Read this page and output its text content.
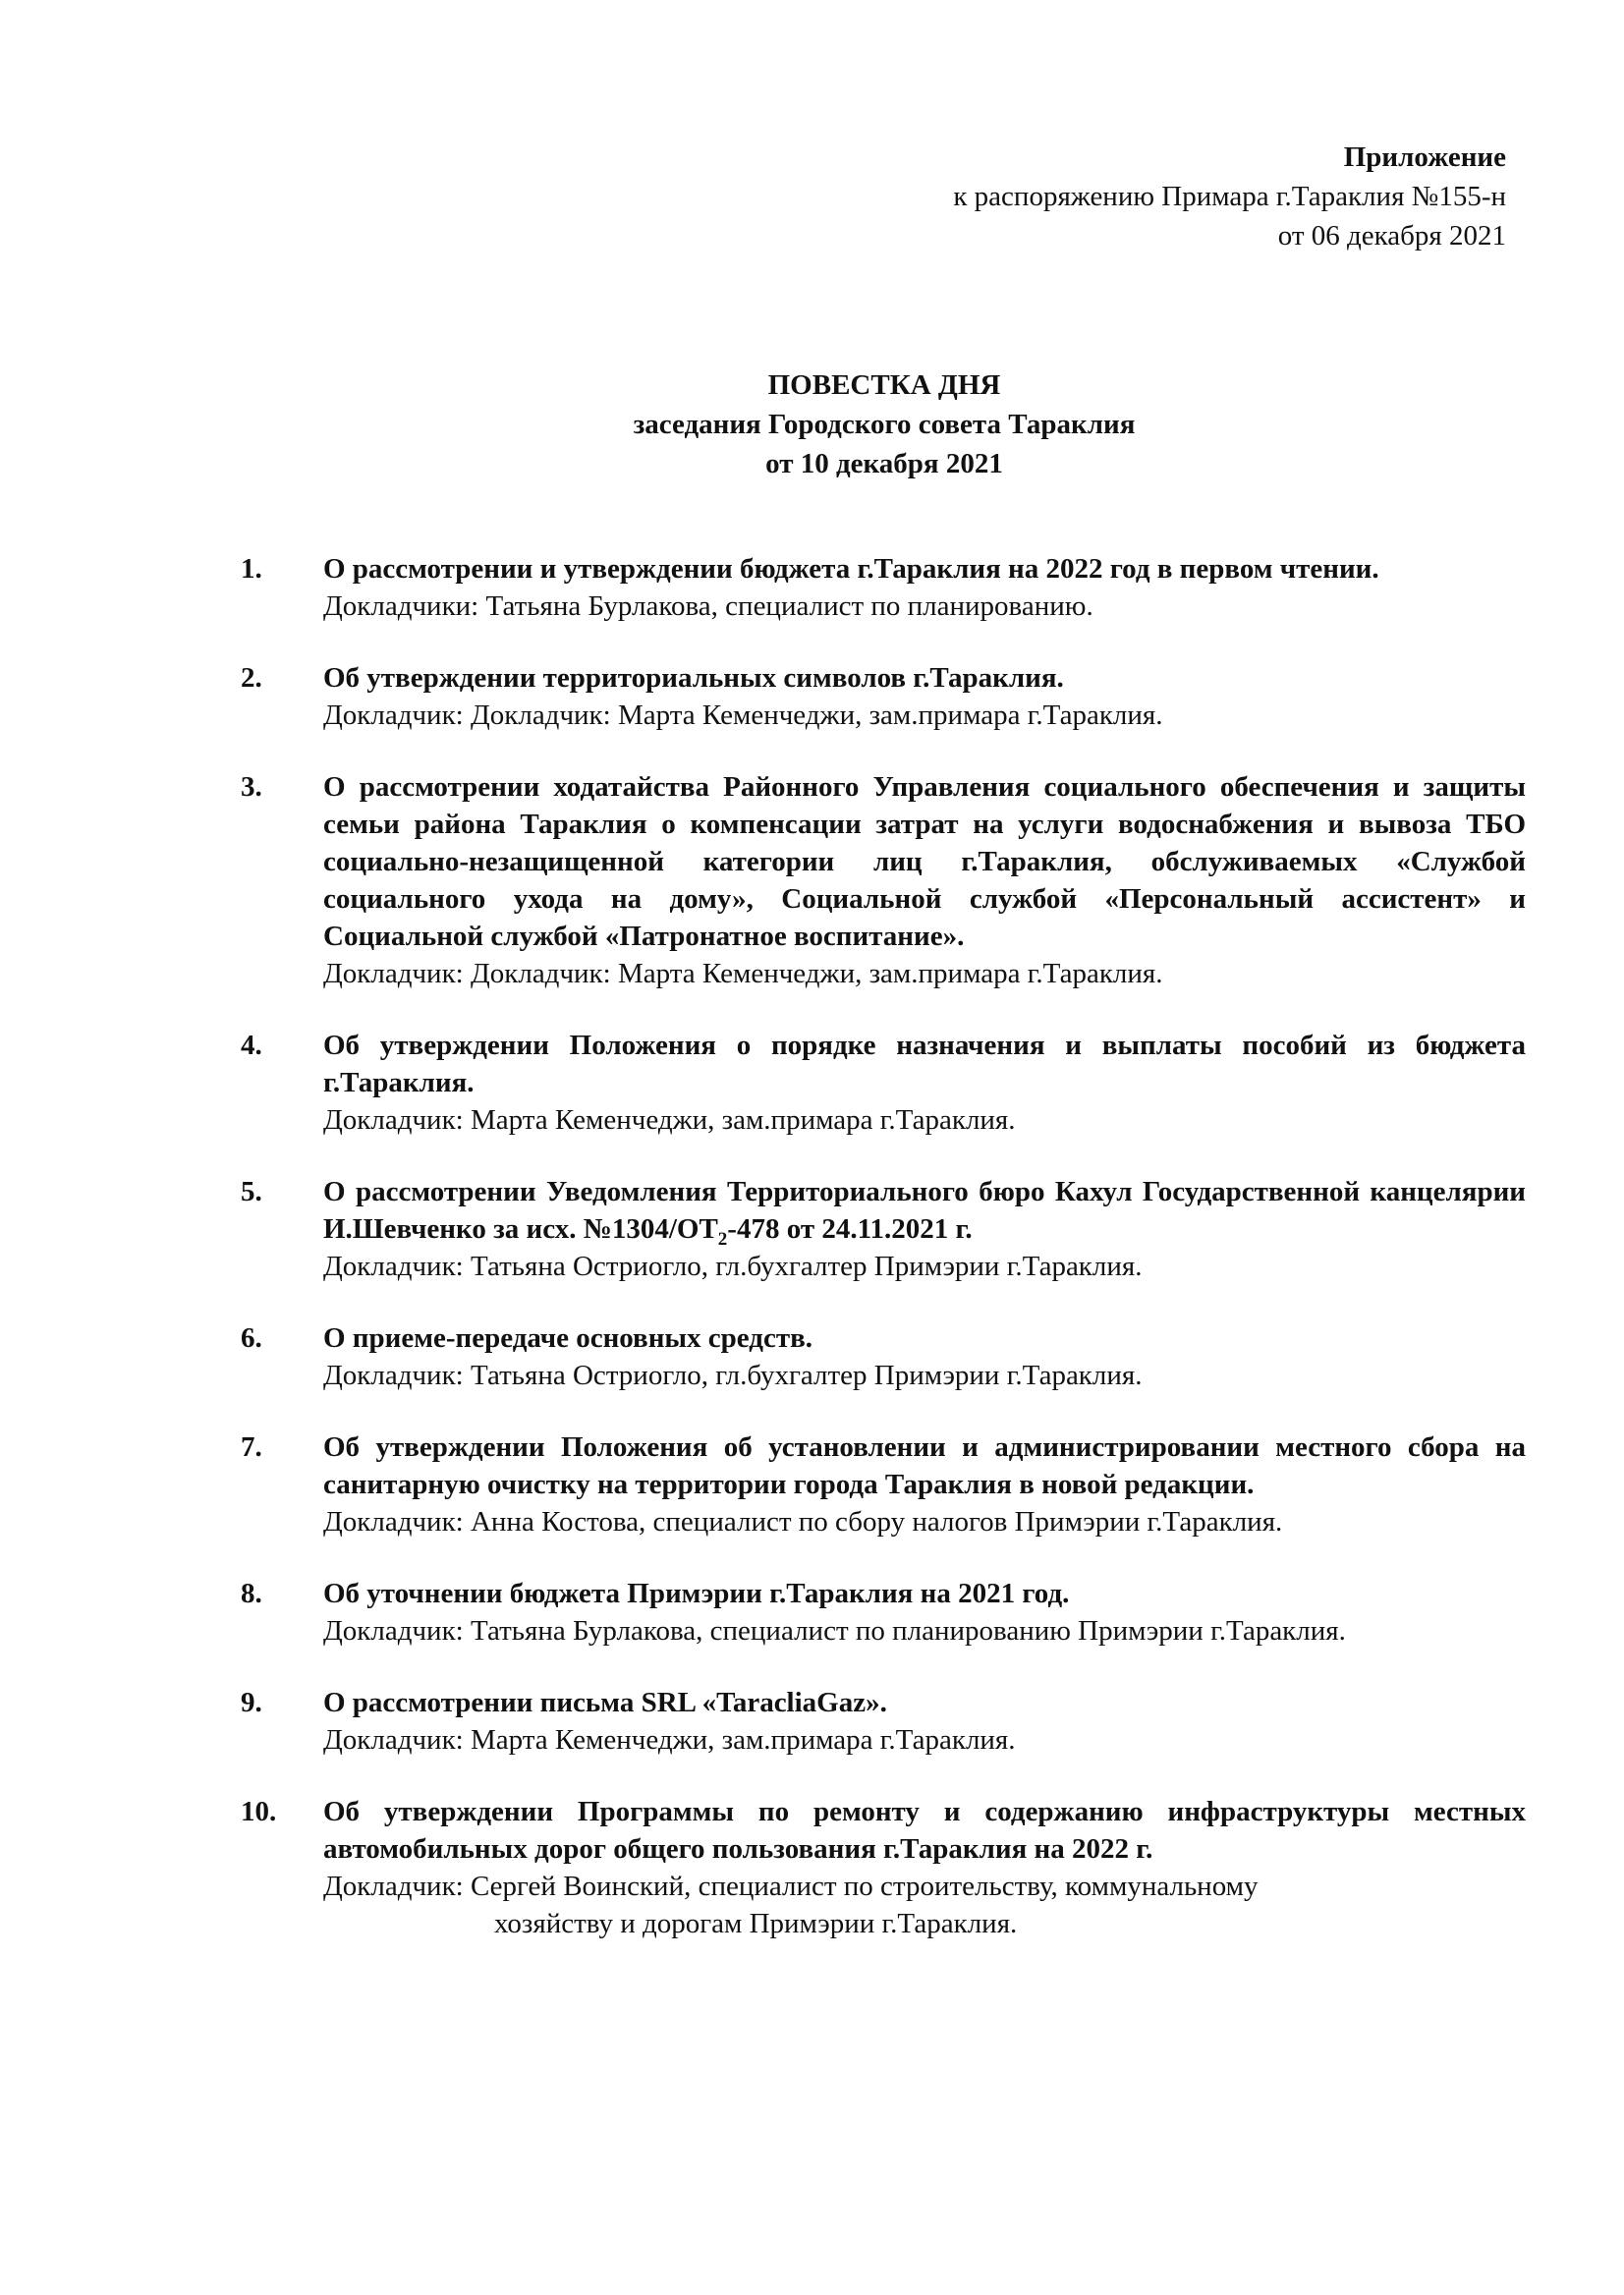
Приложение
к распоряжению Примара г.Тараклия №155-н
от 06 декабря 2021
ПОВЕСТКА ДНЯ
заседания Городского совета Тараклия
от 10 декабря 2021
1. О рассмотрении и утверждении бюджета г.Тараклия на 2022 год в первом чтении.
Докладчики: Татьяна Бурлакова, специалист по планированию.
2. Об утверждении территориальных символов г.Тараклия.
Докладчик: Докладчик: Марта Кеменчеджи, зам.примара г.Тараклия.
3. О рассмотрении ходатайства Районного Управления социального обеспечения и защиты семьи района Тараклия о компенсации затрат на услуги водоснабжения и вывоза ТБО социально-незащищенной категории лиц г.Тараклия, обслуживаемых «Службой социального ухода на дому», Социальной службой «Персональный ассистент» и Социальной службой «Патронатное воспитание».
Докладчик: Докладчик: Марта Кеменчеджи, зам.примара г.Тараклия.
4. Об утверждении Положения о порядке назначения и выплаты пособий из бюджета г.Тараклия.
Докладчик: Марта Кеменчеджи, зам.примара г.Тараклия.
5. О рассмотрении Уведомления Территориального бюро Кахул Государственной канцелярии И.Шевченко за исх. $№1304/ОТ_2-478$ от 24.11.2021 г.
Докладчик: Татьяна Остриогло, гл.бухгалтер Примэрии г.Тараклия.
6. О приеме-передаче основных средств.
Докладчик: Татьяна Остриогло, гл.бухгалтер Примэрии г.Тараклия.
7. Об утверждении Положения об установлении и администрировании местного сбора на санитарную очистку на территории города Тараклия в новой редакции.
Докладчик: Анна Костова, специалист по сбору налогов Примэрии г.Тараклия.
8. Об уточнении бюджета Примэрии г.Тараклия на 2021 год.
Докладчик: Татьяна Бурлакова, специалист по планированию Примэрии г.Тараклия.
9. О рассмотрении письма SRL «TaracliaGaz».
Докладчик: Марта Кеменчеджи, зам.примара г.Тараклия.
10. Об утверждении Программы по ремонту и содержанию инфраструктуры местных автомобильных дорог общего пользования г.Тараклия на 2022 г.
Докладчик: Сергей Воинский, специалист по строительству, коммунальному
хозяйству и дорогам Примэрии г.Тараклия.
